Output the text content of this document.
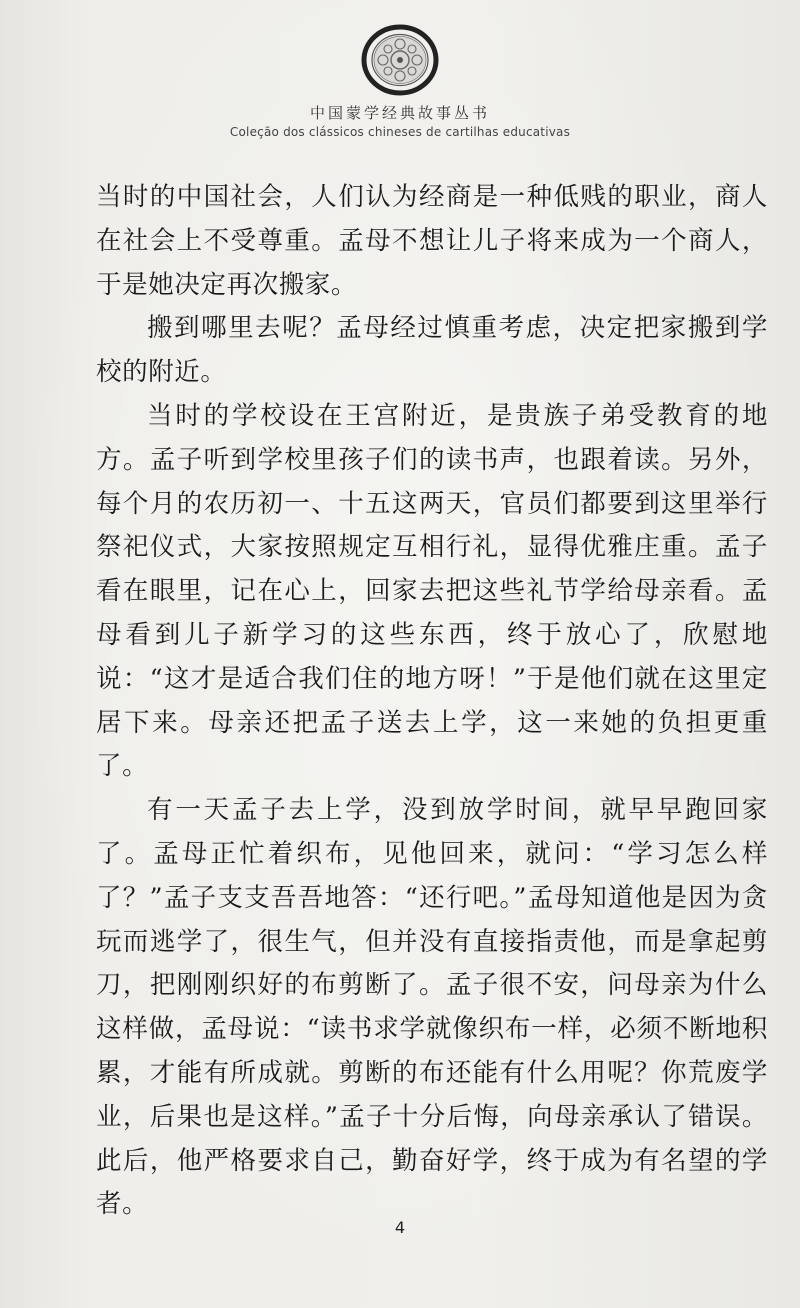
中国蒙学经典故事丛书
Coleção dos clássicos chineses de cartilhas educativas

当时的中国社会，人们认为经商是一种低贱的职业，商人在社会上不受尊重。孟母不想让儿子将来成为一个商人，于是她决定再次搬家。

搬到哪里去呢？孟母经过慎重考虑，决定把家搬到学校的附近。

当时的学校设在王宫附近，是贵族子弟受教育的地方。孟子听到学校里孩子们的读书声，也跟着读。另外，每个月的农历初一、十五这两天，官员们都要到这里举行祭祀仪式，大家按照规定互相行礼，显得优雅庄重。孟子看在眼里，记在心上，回家去把这些礼节学给母亲看。孟母看到儿子新学习的这些东西，终于放心了，欣慰地说：“这才是适合我们住的地方呀！”于是他们就在这里定居下来。母亲还把孟子送去上学，这一来她的负担更重了。

有一天孟子去上学，没到放学时间，就早早跑回家了。孟母正忙着织布，见他回来，就问：“学习怎么样了？”孟子支支吾吾地答：“还行吧。”孟母知道他是因为贪玩而逃学了，很生气，但并没有直接指责他，而是拿起剪刀，把刚刚织好的布剪断了。孟子很不安，问母亲为什么这样做，孟母说：“读书求学就像织布一样，必须不断地积累，才能有所成就。剪断的布还能有什么用呢？你荒废学业，后果也是这样。”孟子十分后悔，向母亲承认了错误。此后，他严格要求自己，勤奋好学，终于成为有名望的学者。

4
